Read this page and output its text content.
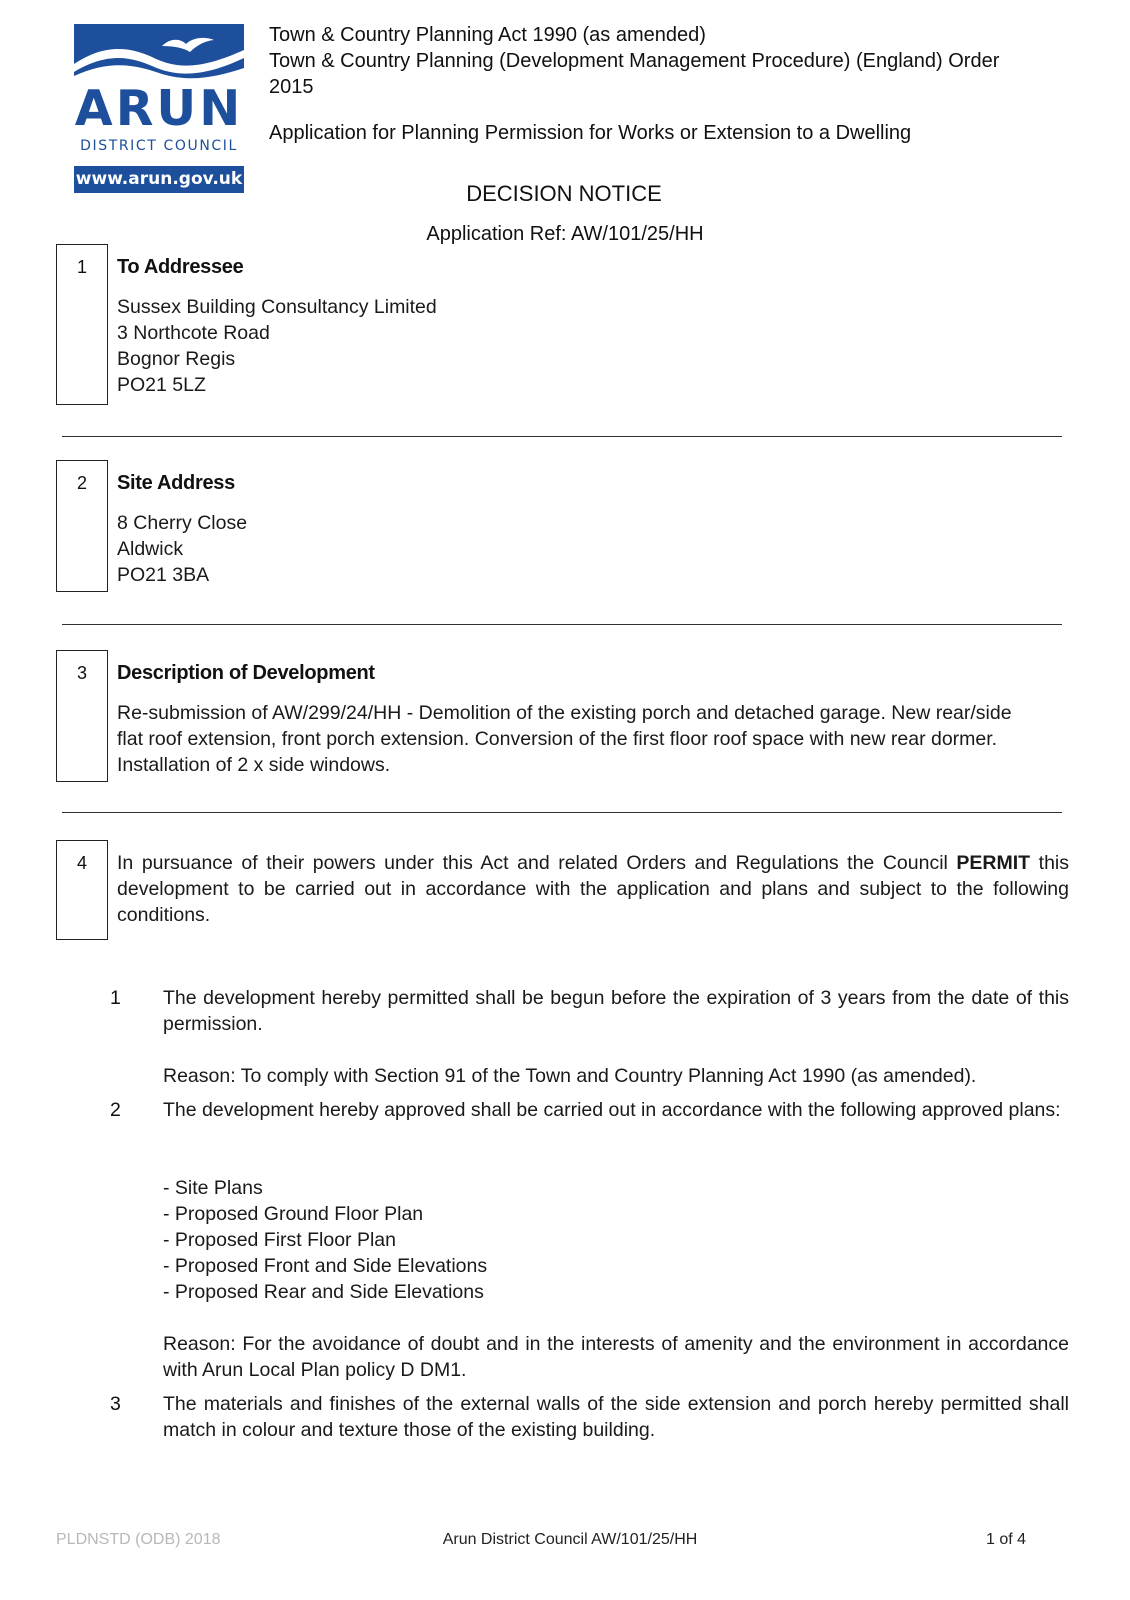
ARUN
DISTRICT COUNCIL
www.arun.gov.uk
Town & Country Planning Act 1990 (as amended)
Town & Country Planning (Development Management Procedure) (England) Order
2015
Application for Planning Permission for Works or Extension to a Dwelling
DECISION NOTICE
Application Ref: AW/101/25/HH
1	To Addressee
Sussex Building Consultancy Limited
3 Northcote Road
Bognor Regis
PO21 5LZ
2	Site Address
8 Cherry Close
Aldwick
PO21 3BA
3	Description of Development
Re-submission of AW/299/24/HH - Demolition of the existing porch and detached garage. New rear/side flat roof extension, front porch extension. Conversion of the first floor roof space with new rear dormer. Installation of 2 x side windows.
4	In pursuance of their powers under this Act and related Orders and Regulations the Council PERMIT this development to be carried out in accordance with the application and plans and subject to the following conditions.
1	The development hereby permitted shall be begun before the expiration of 3 years from the date of this permission.
Reason: To comply with Section 91 of the Town and Country Planning Act 1990 (as amended).
2	The development hereby approved shall be carried out in accordance with the following approved plans:
- Site Plans
- Proposed Ground Floor Plan
- Proposed First Floor Plan
- Proposed Front and Side Elevations
- Proposed Rear and Side Elevations
Reason: For the avoidance of doubt and in the interests of amenity and the environment in accordance with Arun Local Plan policy D DM1.
3	The materials and finishes of the external walls of the side extension and porch hereby permitted shall match in colour and texture those of the existing building.
PLDNSTD (ODB) 2018	Arun District Council AW/101/25/HH	1 of 4
